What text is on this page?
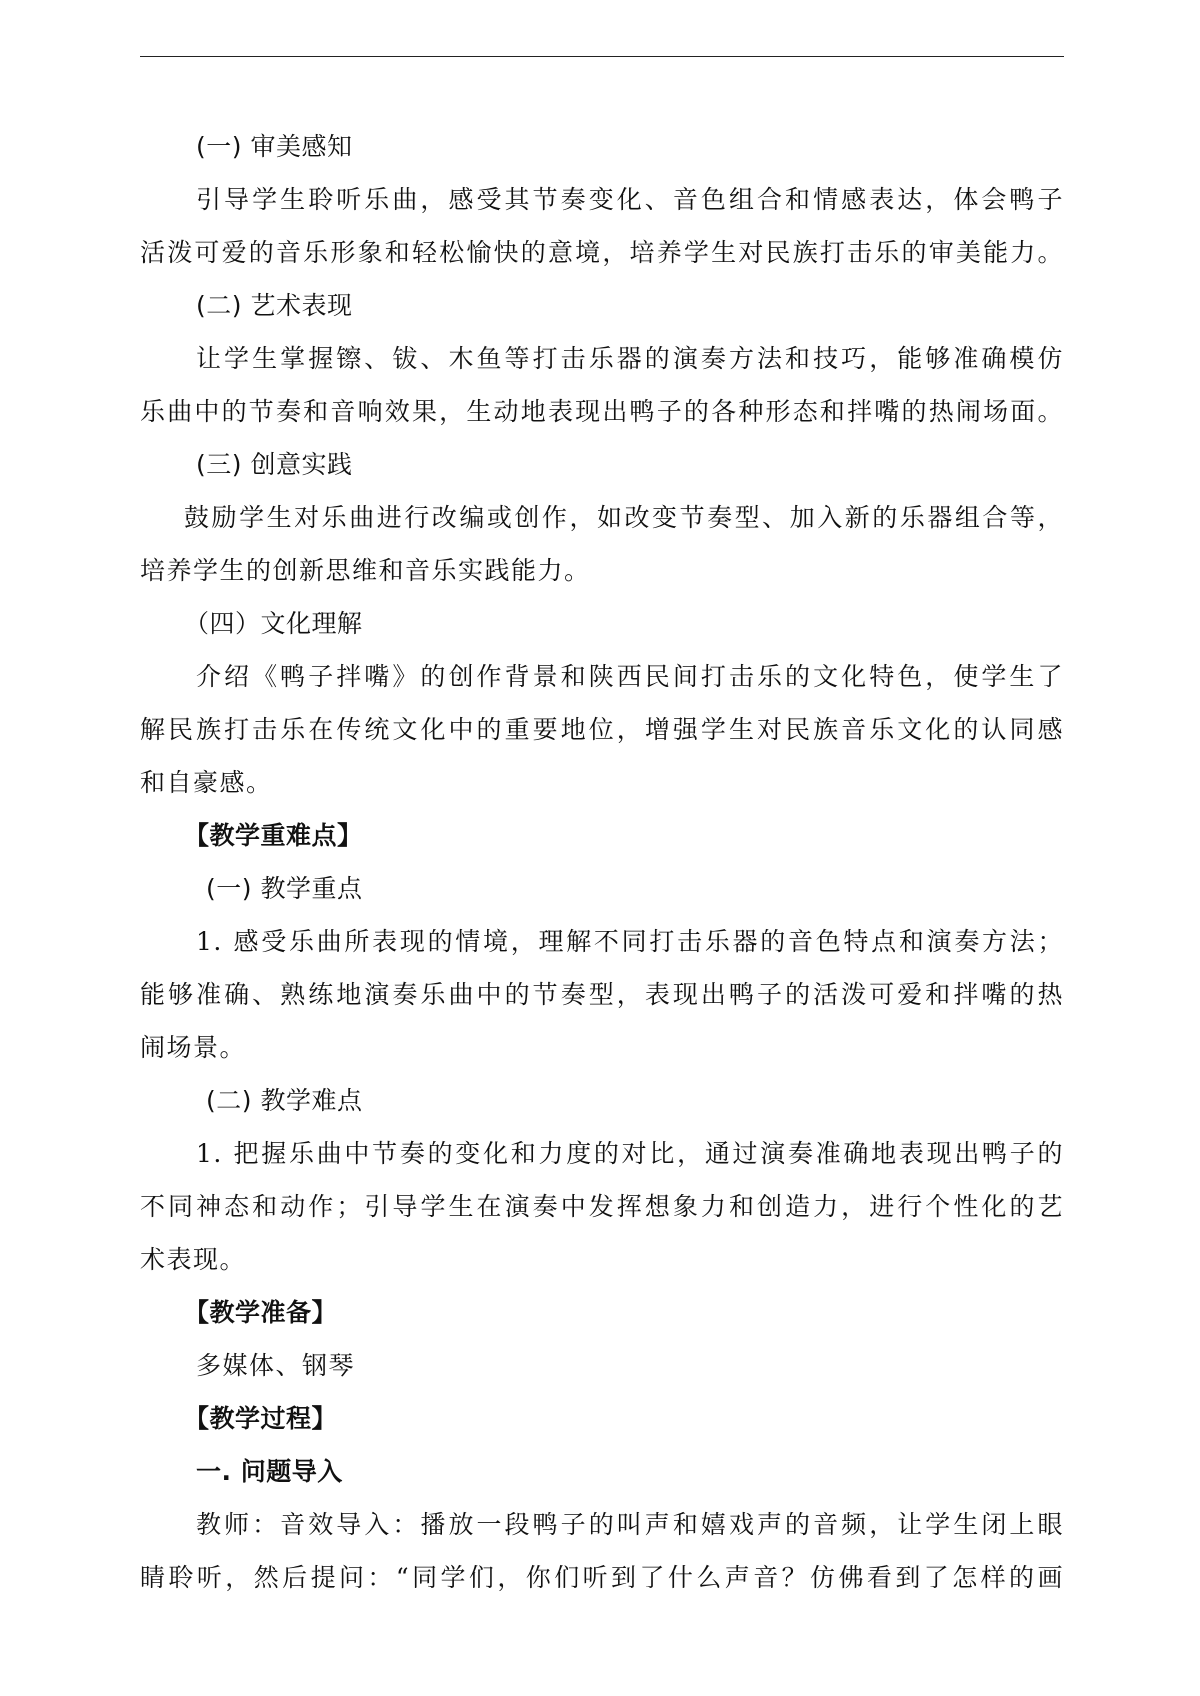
(一) 审美感知
引导学生聆听乐曲，感受其节奏变化、音色组合和情感表达，体会鸭子
活泼可爱的音乐形象和轻松愉快的意境，培养学生对民族打击乐的审美能力。
(二) 艺术表现
让学生掌握镲、钹、木鱼等打击乐器的演奏方法和技巧，能够准确模仿
乐曲中的节奏和音响效果，生动地表现出鸭子的各种形态和拌嘴的热闹场面。
(三) 创意实践
鼓励学生对乐曲进行改编或创作，如改变节奏型、加入新的乐器组合等，
培养学生的创新思维和音乐实践能力。
（四）文化理解
介绍《鸭子拌嘴》的创作背景和陕西民间打击乐的文化特色，使学生了
解民族打击乐在传统文化中的重要地位，增强学生对民族音乐文化的认同感
和自豪感。
【教学重难点】
(一) 教学重点
1. 感受乐曲所表现的情境，理解不同打击乐器的音色特点和演奏方法；
能够准确、熟练地演奏乐曲中的节奏型，表现出鸭子的活泼可爱和拌嘴的热
闹场景。
(二) 教学难点
1. 把握乐曲中节奏的变化和力度的对比，通过演奏准确地表现出鸭子的
不同神态和动作；引导学生在演奏中发挥想象力和创造力，进行个性化的艺
术表现。
【教学准备】
多媒体、钢琴
【教学过程】
一. 问题导入
教师：音效导入：播放一段鸭子的叫声和嬉戏声的音频，让学生闭上眼
睛聆听，然后提问：“同学们，你们听到了什么声音？仿佛看到了怎样的画
